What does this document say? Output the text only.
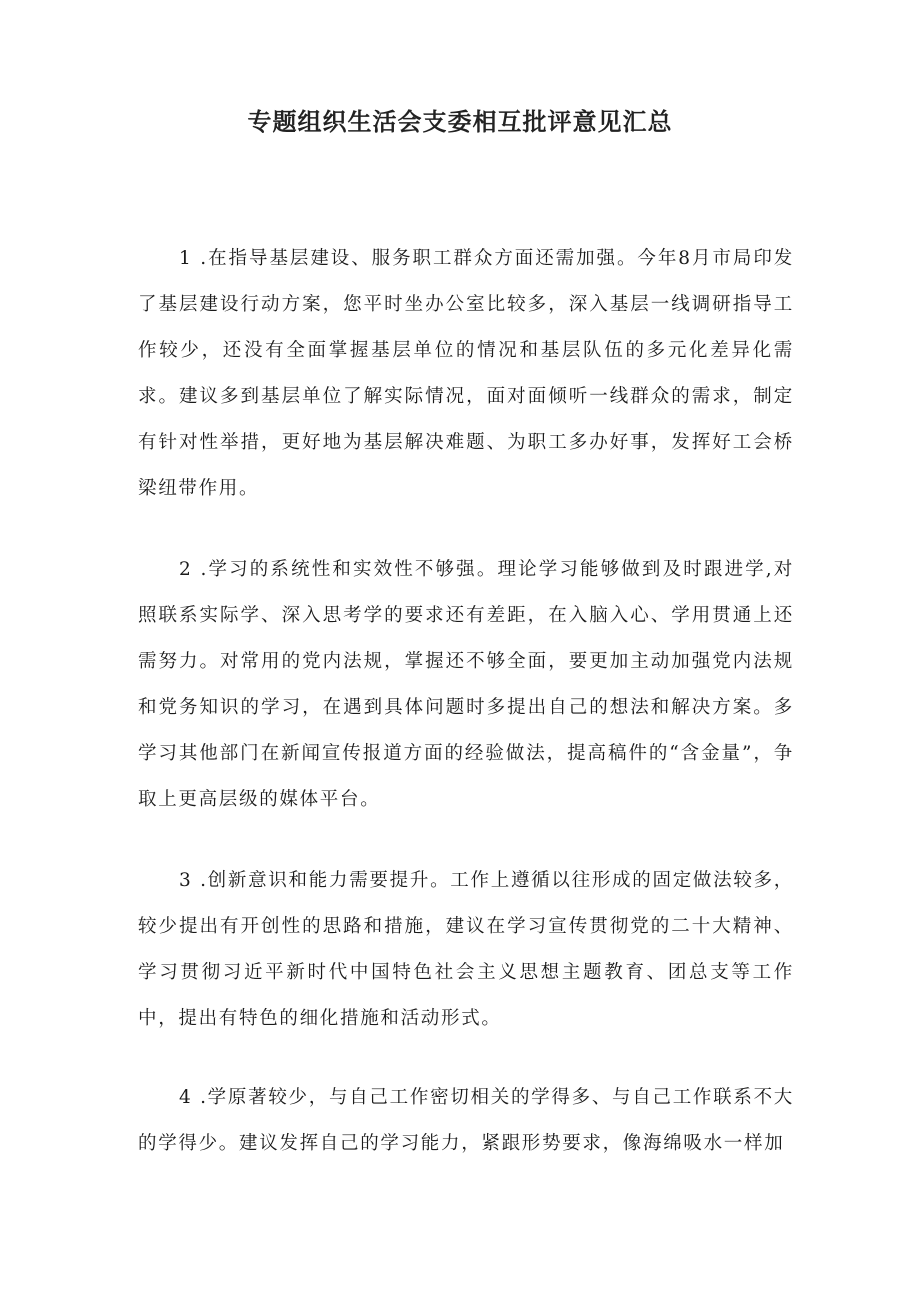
专题组织生活会支委相互批评意见汇总

1 .在指导基层建设、服务职工群众方面还需加强。今年8月市局印发了基层建设行动方案，您平时坐办公室比较多，深入基层一线调研指导工作较少，还没有全面掌握基层单位的情况和基层队伍的多元化差异化需求。建议多到基层单位了解实际情况，面对面倾听一线群众的需求，制定有针对性举措，更好地为基层解决难题、为职工多办好事，发挥好工会桥梁纽带作用。

2 .学习的系统性和实效性不够强。理论学习能够做到及时跟进学,对照联系实际学、深入思考学的要求还有差距，在入脑入心、学用贯通上还需努力。对常用的党内法规，掌握还不够全面，要更加主动加强党内法规和党务知识的学习，在遇到具体问题时多提出自己的想法和解决方案。多学习其他部门在新闻宣传报道方面的经验做法，提高稿件的“含金量”，争取上更高层级的媒体平台。

3 .创新意识和能力需要提升。工作上遵循以往形成的固定做法较多，较少提出有开创性的思路和措施，建议在学习宣传贯彻党的二十大精神、学习贯彻习近平新时代中国特色社会主义思想主题教育、团总支等工作中，提出有特色的细化措施和活动形式。

4 .学原著较少，与自己工作密切相关的学得多、与自己工作联系不大的学得少。建议发挥自己的学习能力，紧跟形势要求，像海绵吸水一样加
